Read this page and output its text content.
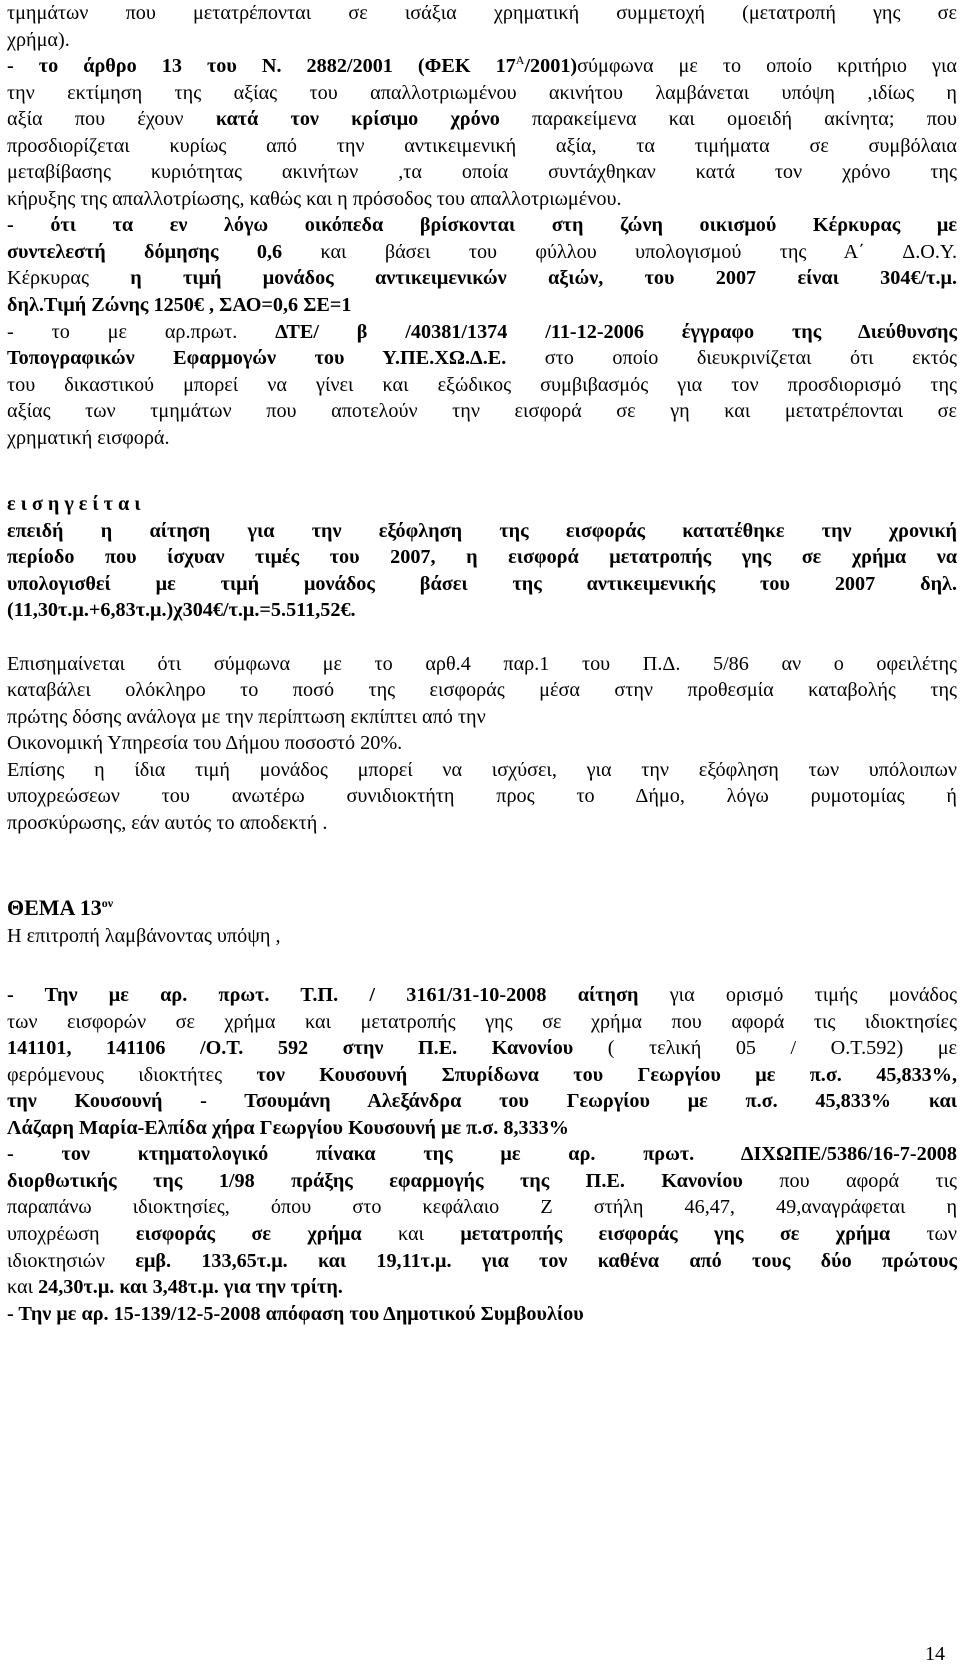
τμημάτων που μετατρέπονται σε ισάξια χρηματική συμμετοχή (μετατροπή γης σε

χρήμα).

- το άρθρο 13 του Ν. 2882/2001 (ΦΕΚ $17^A/2001)\sigma ύ\mu\varphi\omega\nu\alpha$ με το οποίο κριτήριο για

την εκτίμηση της αξίας του απαλλοτριωμένου ακινήτου λαμβάνεται υπόψη ,ιδίως η

αξία που έχουν κατά τον κρίσιμο χρόνο παρακείμενα και ομοειδή ακίνητα; που

προσδιορίζεται κυρίως από την αντικειμενική αξία, τα τιμήματα σε συμβόλαια

μεταβίβασης κυριότητας ακινήτων ,τα οποία συντάχθηκαν κατά τον χρόνο της

κήρυξης της απαλλοτρίωσης, καθώς και η πρόσοδος του απαλλοτριωμένου.

- ότι τα εν λόγω οικόπεδα βρίσκονται στη ζώνη οικισμού Κέρκυρας με

συντελεστή δόμησης 0,6 και βάσει του φύλλου υπολογισμού της Α΄ Δ.Ο.Υ.

Κέρκυρας η τιμή μονάδος αντικειμενικών αξιών, του 2007 είναι 304€/τ.μ.

δηλ.Τιμή Ζώνης 1250€ , ΣΑΟ=0,6 ΣΕ=1

- το με αρ.πρωτ. ΔΤΕ/ β /40381/1374 /11-12-2006 έγγραφο της Διεύθυνσης

Τοπογραφικών Εφαρμογών του Υ.ΠΕ.ΧΩ.Δ.Ε. στο οποίο διευκρινίζεται ότι εκτός

του δικαστικού μπορεί να γίνει και εξώδικος συμβιβασμός για τον προσδιορισμό της

αξίας των τμημάτων που αποτελούν την εισφορά σε γη και μετατρέπονται σε

χρηματική εισφορά.

εισηγείται

επειδή η αίτηση για την εξόφληση της εισφοράς κατατέθηκε την χρονική

περίοδο που ίσχυαν τιμές του 2007, η εισφορά μετατροπής γης σε χρήμα να

υπολογισθεί με τιμή μονάδος βάσει της αντικειμενικής του 2007 δηλ.

(11,30τ.μ.+6,83τ.μ.)χ304€/τ.μ.=5.511,52€.

Επισημαίνεται ότι σύμφωνα με το αρθ.4 παρ.1 του Π.Δ. 5/86 αν ο οφειλέτης

καταβάλει ολόκληρο το ποσό της εισφοράς μέσα στην προθεσμία καταβολής της

πρώτης δόσης ανάλογα με την περίπτωση εκπίπτει από την

Οικονομική Υπηρεσία του Δήμου ποσοστό 20%.

Επίσης η ίδια τιμή μονάδος μπορεί να ισχύσει, για την εξόφληση των υπόλοιπων

υποχρεώσεων του ανωτέρω συνιδιοκτήτη προς το Δήμο, λόγω ρυμοτομίας ή

προσκύρωσης, εάν αυτός το αποδεκτή .

ΘΕΜΑ $13^{o\nu}$

Η επιτροπή λαμβάνοντας υπόψη ,

- Την με αρ. πρωτ. Τ.Π. / 3161/31-10-2008 αίτηση για ορισμό τιμής μονάδος

των εισφορών σε χρήμα και μετατροπής γης σε χρήμα που αφορά τις ιδιοκτησίες

141101, 141106 /Ο.Τ. 592 στην Π.Ε. Κανονίου ( τελική 05 / Ο.Τ.592) με

φερόμενους ιδιοκτήτες τον Κουσουνή Σπυρίδωνα του Γεωργίου με π.σ. 45,833%,

την Κουσουνή - Τσουμάνη Αλεξάνδρα του Γεωργίου με π.σ. 45,833% και

Λάζαρη Μαρία-Ελπίδα χήρα Γεωργίου Κουσουνή με π.σ. 8,333%

- τον κτηματολογικό πίνακα της με αρ. πρωτ. ΔΙΧΩΠΕ/5386/16-7-2008

διορθωτικής της 1/98 πράξης εφαρμογής της Π.Ε. Κανονίου που αφορά τις

παραπάνω ιδιοκτησίες, όπου στο κεφάλαιο Ζ στήλη 46,47, 49,αναγράφεται η

υποχρέωση εισφοράς σε χρήμα και μετατροπής εισφοράς γης σε χρήμα των

ιδιοκτησιών εμβ. 133,65τ.μ. και 19,11τ.μ. για τον καθένα από τους δύο πρώτους

και 24,30τ.μ. και 3,48τ.μ. για την τρίτη.

- Την με αρ. 15-139/12-5-2008 απόφαση του Δημοτικού Συμβουλίου

14
